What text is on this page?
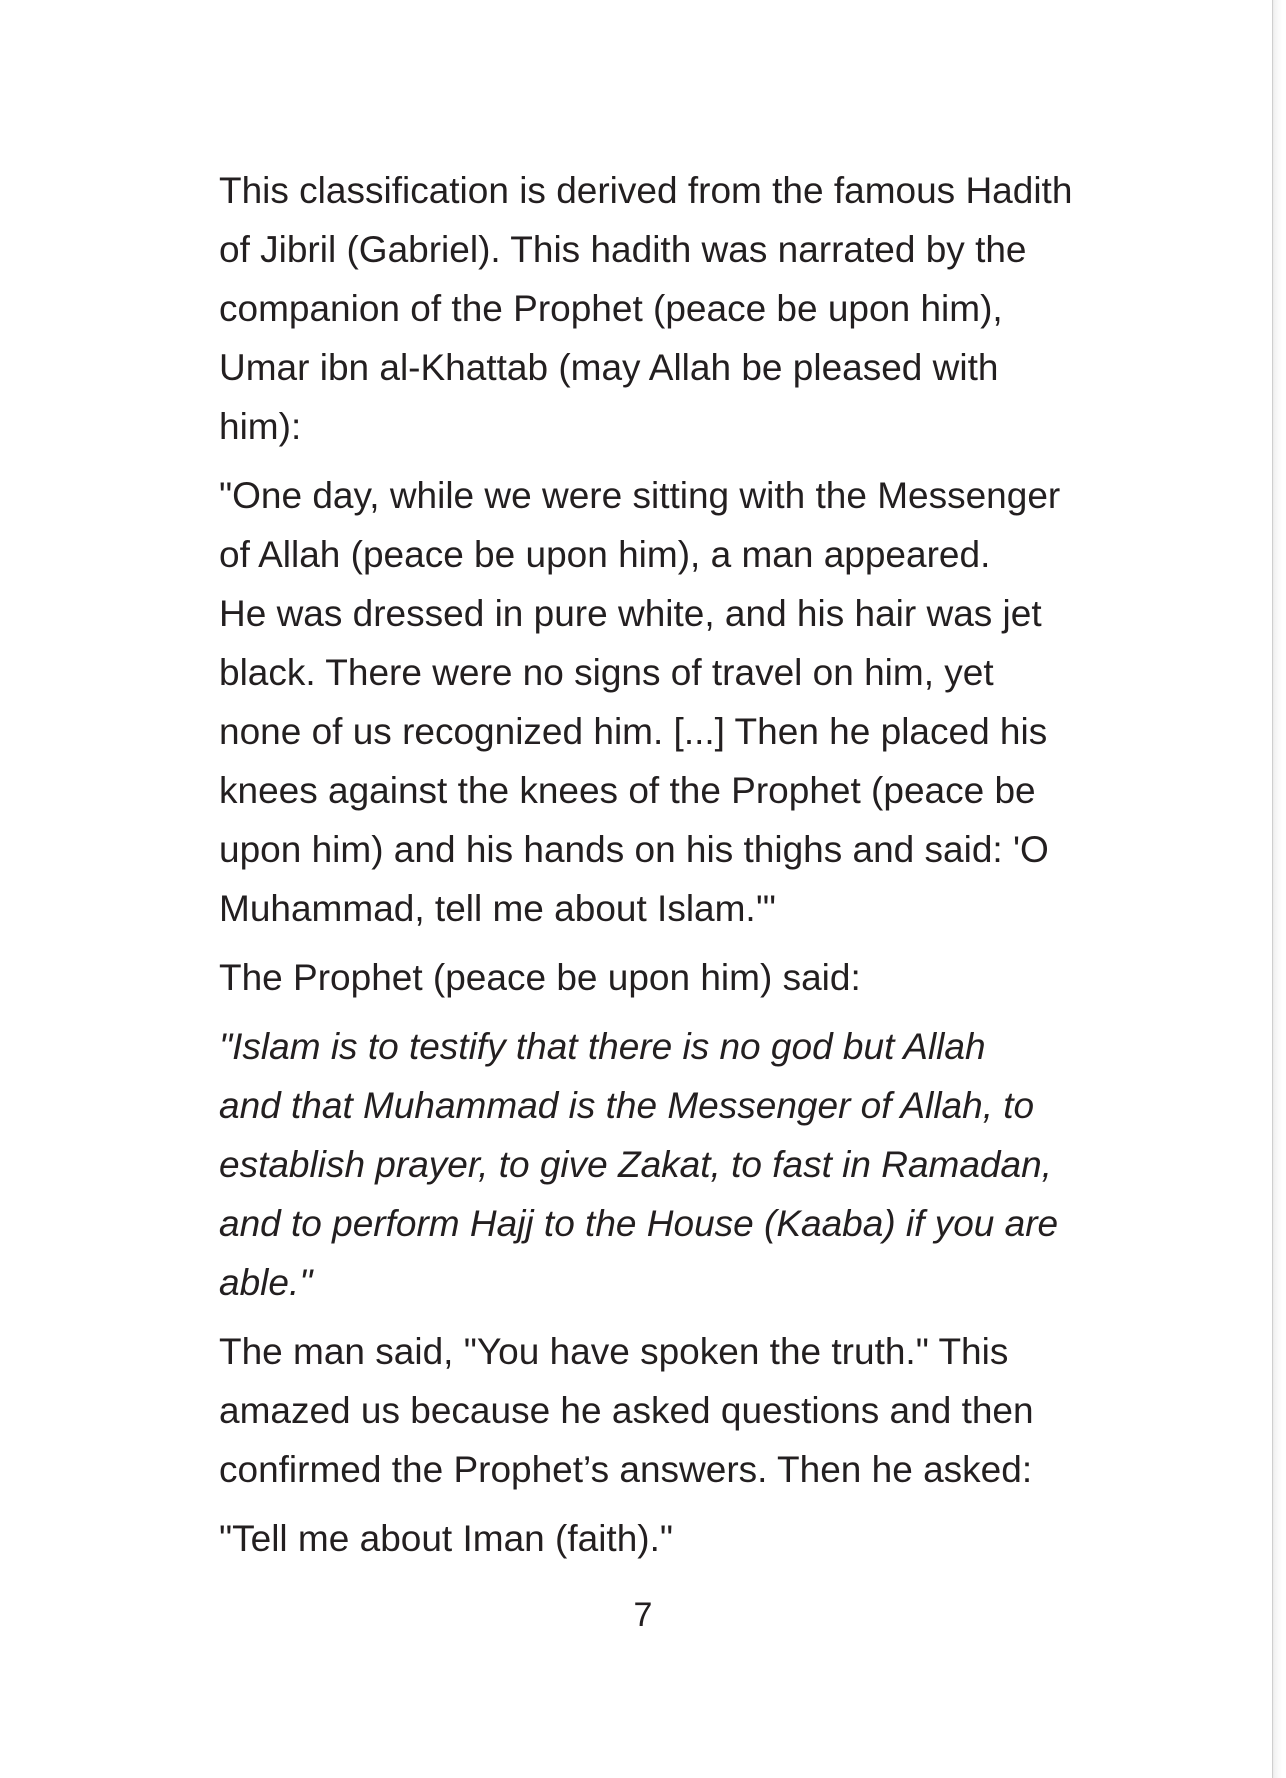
This classification is derived from the famous Hadith
of Jibril (Gabriel). This hadith was narrated by the
companion of the Prophet (peace be upon him),
Umar ibn al-Khattab (may Allah be pleased with
him):

"One day, while we were sitting with the Messenger
of Allah (peace be upon him), a man appeared.
He was dressed in pure white, and his hair was jet
black. There were no signs of travel on him, yet
none of us recognized him. [...] Then he placed his
knees against the knees of the Prophet (peace be
upon him) and his hands on his thighs and said: 'O
Muhammad, tell me about Islam.'"

The Prophet (peace be upon him) said:

"Islam is to testify that there is no god but Allah
and that Muhammad is the Messenger of Allah, to
establish prayer, to give Zakat, to fast in Ramadan,
and to perform Hajj to the House (Kaaba) if you are
able."

The man said, "You have spoken the truth." This
amazed us because he asked questions and then
confirmed the Prophet’s answers. Then he asked:

"Tell me about Iman (faith)."

7
